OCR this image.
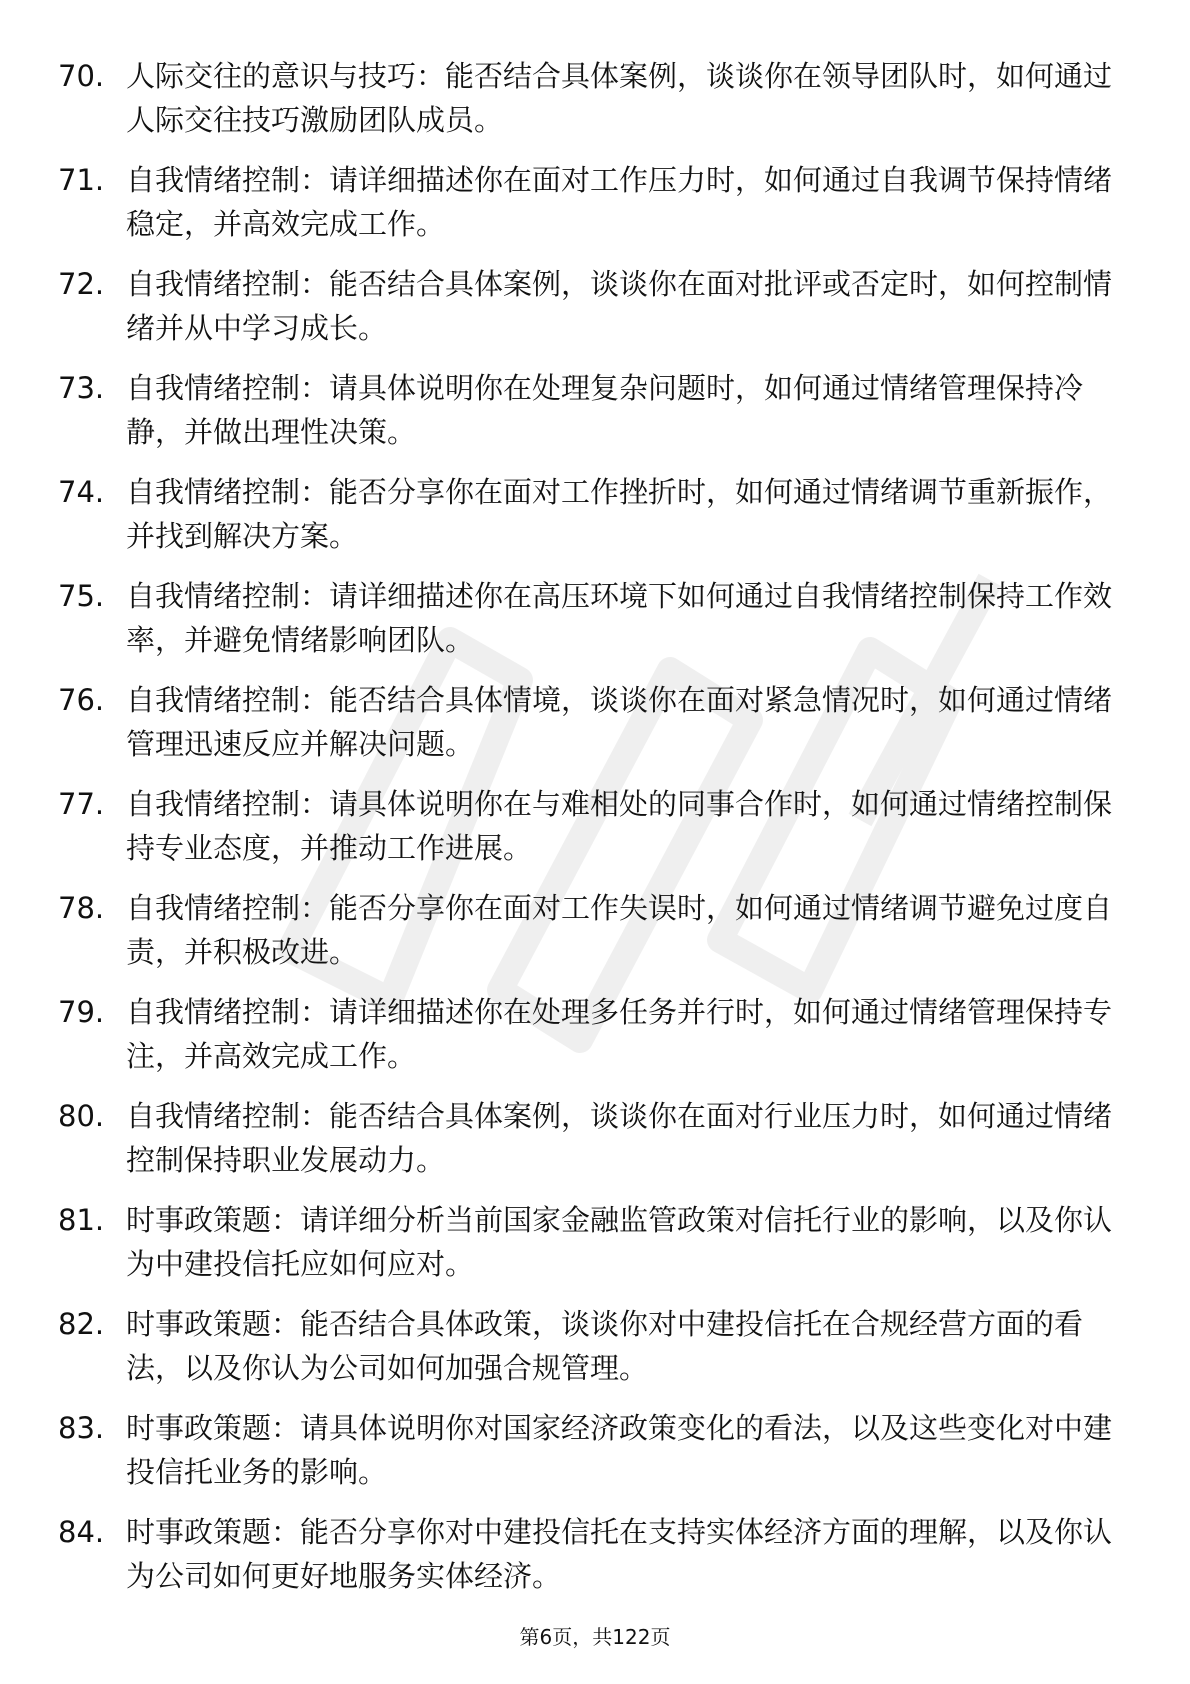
70. 人际交往的意识与技巧：能否结合具体案例，谈谈你在领导团队时，如何通过人际交往技巧激励团队成员。
71. 自我情绪控制：请详细描述你在面对工作压力时，如何通过自我调节保持情绪稳定，并高效完成工作。
72. 自我情绪控制：能否结合具体案例，谈谈你在面对批评或否定时，如何控制情绪并从中学习成长。
73. 自我情绪控制：请具体说明你在处理复杂问题时，如何通过情绪管理保持冷静，并做出理性决策。
74. 自我情绪控制：能否分享你在面对工作挫折时，如何通过情绪调节重新振作，并找到解决方案。
75. 自我情绪控制：请详细描述你在高压环境下如何通过自我情绪控制保持工作效率，并避免情绪影响团队。
76. 自我情绪控制：能否结合具体情境，谈谈你在面对紧急情况时，如何通过情绪管理迅速反应并解决问题。
77. 自我情绪控制：请具体说明你在与难相处的同事合作时，如何通过情绪控制保持专业态度，并推动工作进展。
78. 自我情绪控制：能否分享你在面对工作失误时，如何通过情绪调节避免过度自责，并积极改进。
79. 自我情绪控制：请详细描述你在处理多任务并行时，如何通过情绪管理保持专注，并高效完成工作。
80. 自我情绪控制：能否结合具体案例，谈谈你在面对行业压力时，如何通过情绪控制保持职业发展动力。
81. 时事政策题：请详细分析当前国家金融监管政策对信托行业的影响，以及你认为中建投信托应如何应对。
82. 时事政策题：能否结合具体政策，谈谈你对中建投信托在合规经营方面的看法，以及你认为公司如何加强合规管理。
83. 时事政策题：请具体说明你对国家经济政策变化的看法，以及这些变化对中建投信托业务的影响。
84. 时事政策题：能否分享你对中建投信托在支持实体经济方面的理解，以及你认为公司如何更好地服务实体经济。
第6页，共122页
